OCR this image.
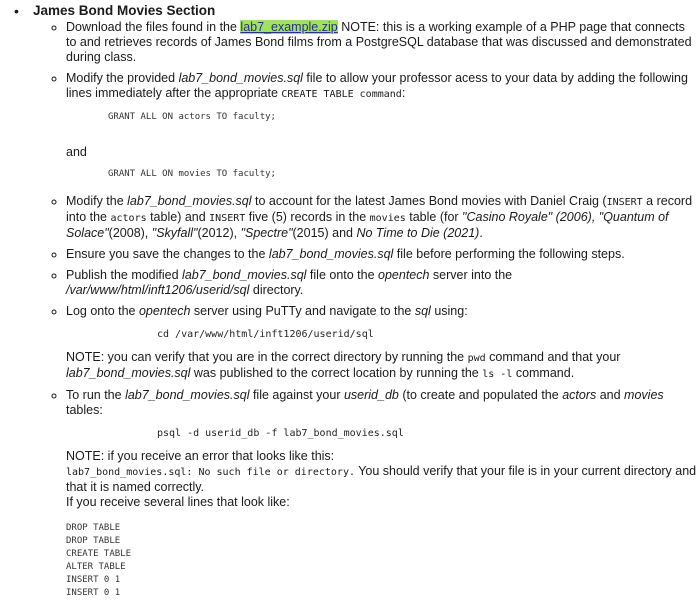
• James Bond Movies Section
◦ Download the files found in the lab7_example.zip NOTE: this is a working example of a PHP page that connects to and retrieves records of James Bond films from a PostgreSQL database that was discussed and demonstrated during class.
◦ Modify the provided lab7_bond_movies.sql file to allow your professor acess to your data by adding the following lines immediately after the appropriate CREATE TABLE command:
GRANT ALL ON actors TO faculty;
and
GRANT ALL ON movies TO faculty;
◦ Modify the lab7_bond_movies.sql to account for the latest James Bond movies with Daniel Craig (INSERT a record into the actors table) and INSERT five (5) records in the movies table (for "Casino Royale" (2006), "Quantum of Solace"(2008), "Skyfall"(2012), "Spectre"(2015) and No Time to Die (2021).
◦ Ensure you save the changes to the lab7_bond_movies.sql file before performing the following steps.
◦ Publish the modified lab7_bond_movies.sql file onto the opentech server into the /var/www/html/inft1206/userid/sql directory.
◦ Log onto the opentech server using PuTTy and navigate to the sql using:
cd /var/www/html/inft1206/userid/sql
NOTE: you can verify that you are in the correct directory by running the pwd command and that your lab7_bond_movies.sql was published to the correct location by running the ls -l command.
◦ To run the lab7_bond_movies.sql file against your userid_db (to create and populated the actors and movies tables:
psql -d userid_db -f lab7_bond_movies.sql
NOTE: if you receive an error that looks like this:
lab7_bond_movies.sql: No such file or directory. You should verify that your file is in your current directory and that it is named correctly.
If you receive several lines that look like:
DROP TABLE
DROP TABLE
CREATE TABLE
ALTER TABLE
INSERT 0 1
INSERT 0 1
